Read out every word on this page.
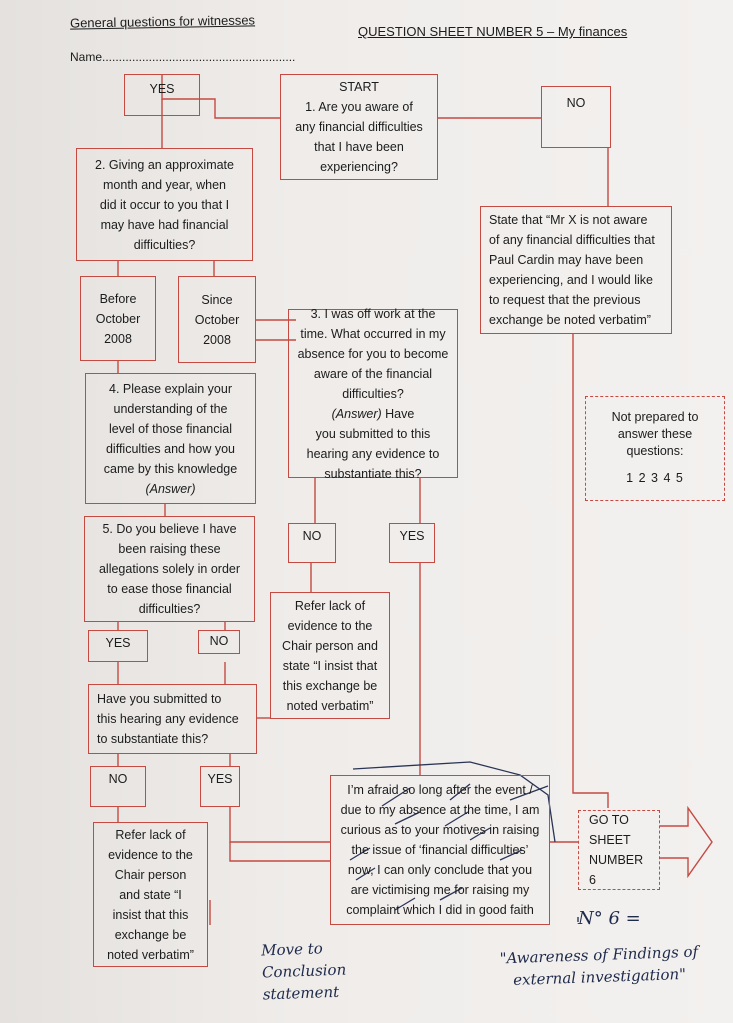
General questions for witnesses
QUESTION SHEET NUMBER 5 – My finances
Name..........................................................
YES	START
1. Are you aware of
any financial difficulties
that I have been
experiencing?
NO
2. Giving an approximate
month and year, when
did it occur to you that I
may have had financial
difficulties?
State that “Mr X is not aware
of any financial difficulties that
Paul Cardin may have been
experiencing, and I would like
to request that the previous
exchange be noted verbatim”
Before
October
2008
Since
October
2008
3. I was off work at the
time. What occurred in my
absence for you to become
aware of the financial
difficulties?
(Answer) Have
you submitted to this
hearing any evidence to
substantiate this?
4. Please explain your
understanding of the
level of those financial
difficulties and how you
came by this knowledge
(Answer)
Not prepared to
answer these
questions:
1 2 3 4 5
NO	YES
5. Do you believe I have
been raising these
allegations solely in order
to ease those financial
difficulties?	Refer lack of
evidence to the
Chair person and
state “I insist that
this exchange be
noted verbatim”
YES	NO
Have you submitted to
this hearing any evidence
to substantiate this?
NO	YES
Refer lack of
evidence to the
Chair person
and state “I
insist that this
exchange be
noted verbatim”
I’m afraid so long after the event /
due to my absence at the time, I am
curious as to your motives in raising
the issue of ‘financial difficulties’
now, I can only conclude that you
are victimising me for raising my
complaint which I did in good faith
GO TO
SHEET
NUMBER 6
Move to
Conclusion
statement
N° 6 =
"Awareness of Findings of
external investigation"
